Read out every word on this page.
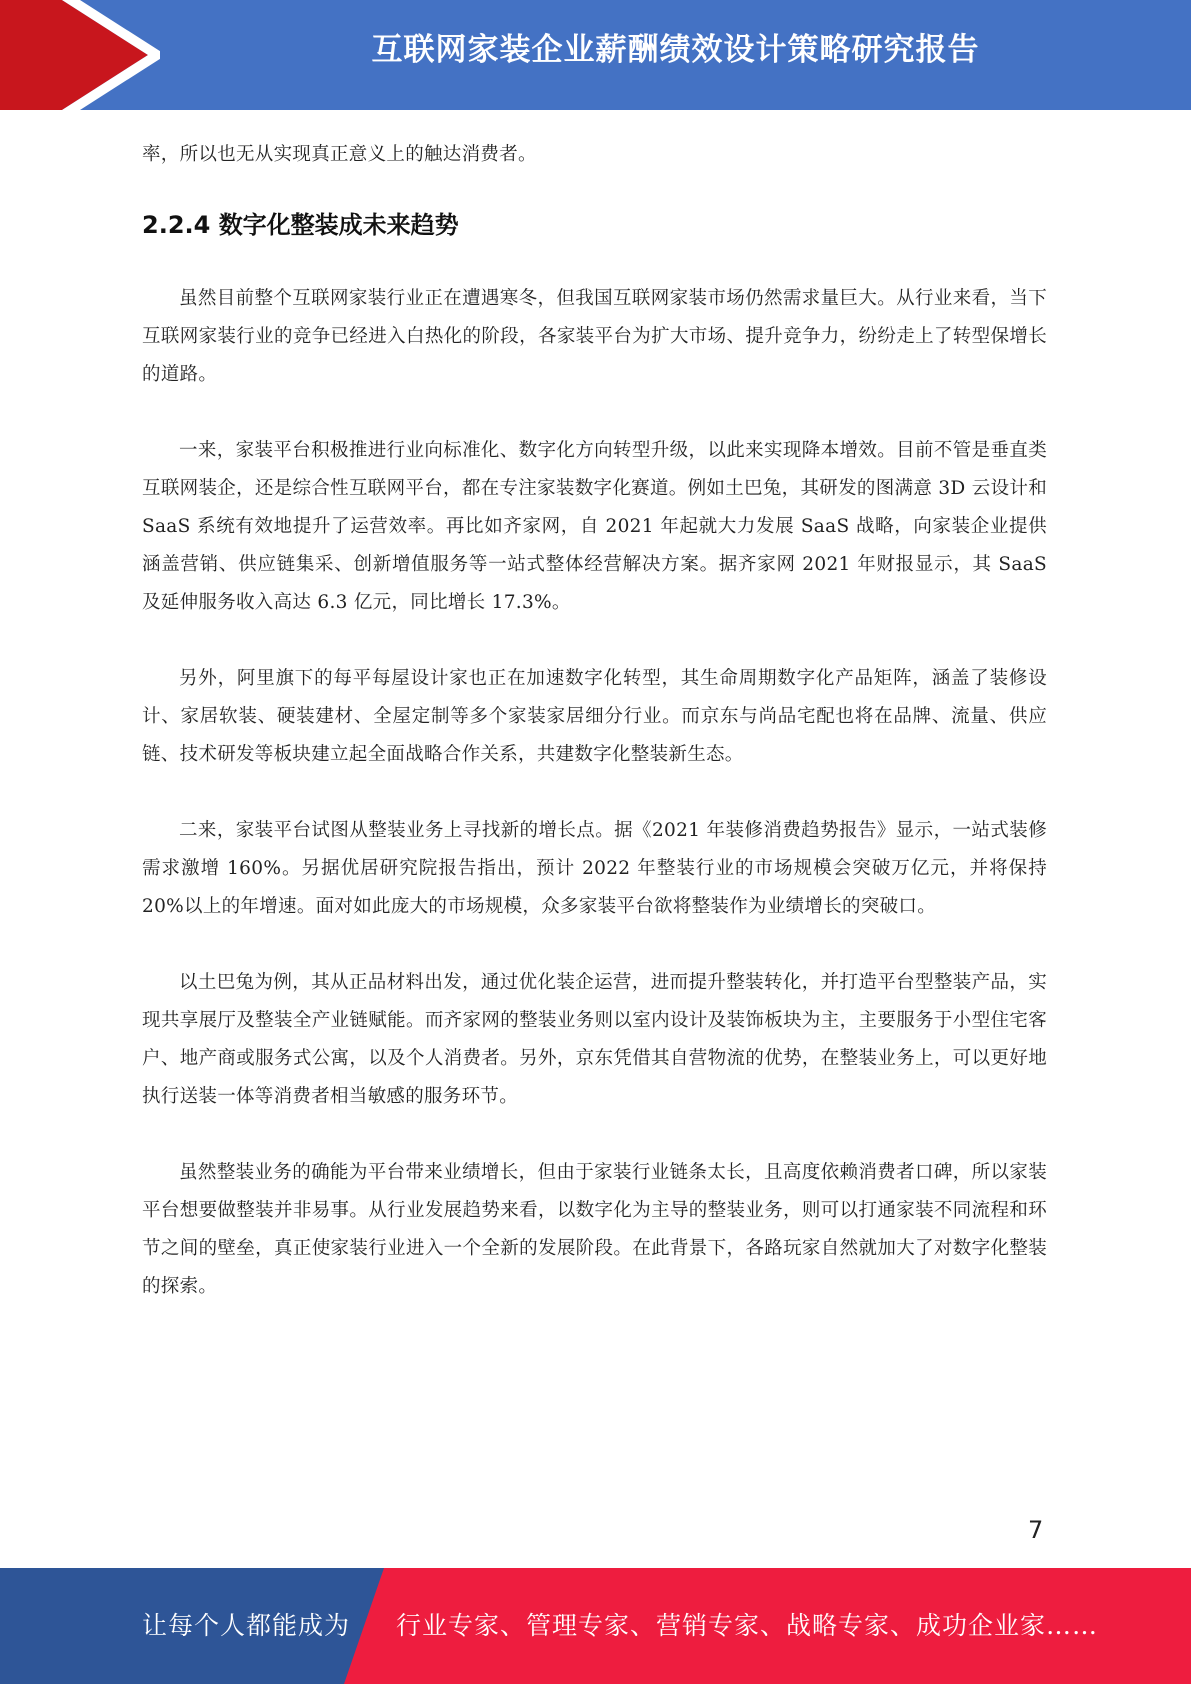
互联网家装企业薪酬绩效设计策略研究报告

率，所以也无从实现真正意义上的触达消费者。

2.2.4 数字化整装成未来趋势

虽然目前整个互联网家装行业正在遭遇寒冬，但我国互联网家装市场仍然需求量巨大。从行业来看，当下互联网家装行业的竞争已经进入白热化的阶段，各家装平台为扩大市场、提升竞争力，纷纷走上了转型保增长的道路。

一来，家装平台积极推进行业向标准化、数字化方向转型升级，以此来实现降本增效。目前不管是垂直类互联网装企，还是综合性互联网平台，都在专注家装数字化赛道。例如土巴兔，其研发的图满意 3D 云设计和 SaaS 系统有效地提升了运营效率。再比如齐家网，自 2021 年起就大力发展 SaaS 战略，向家装企业提供涵盖营销、供应链集采、创新增值服务等一站式整体经营解决方案。据齐家网 2021 年财报显示，其 SaaS 及延伸服务收入高达 6.3 亿元，同比增长 17.3%。

另外，阿里旗下的每平每屋设计家也正在加速数字化转型，其生命周期数字化产品矩阵，涵盖了装修设计、家居软装、硬装建材、全屋定制等多个家装家居细分行业。而京东与尚品宅配也将在品牌、流量、供应链、技术研发等板块建立起全面战略合作关系，共建数字化整装新生态。

二来，家装平台试图从整装业务上寻找新的增长点。据《2021 年装修消费趋势报告》显示，一站式装修需求激增 160%。另据优居研究院报告指出，预计 2022 年整装行业的市场规模会突破万亿元，并将保持 20%以上的年增速。面对如此庞大的市场规模，众多家装平台欲将整装作为业绩增长的突破口。

以土巴兔为例，其从正品材料出发，通过优化装企运营，进而提升整装转化，并打造平台型整装产品，实现共享展厅及整装全产业链赋能。而齐家网的整装业务则以室内设计及装饰板块为主，主要服务于小型住宅客户、地产商或服务式公寓，以及个人消费者。另外，京东凭借其自营物流的优势，在整装业务上，可以更好地执行送装一体等消费者相当敏感的服务环节。

虽然整装业务的确能为平台带来业绩增长，但由于家装行业链条太长，且高度依赖消费者口碑，所以家装平台想要做整装并非易事。从行业发展趋势来看，以数字化为主导的整装业务，则可以打通家装不同流程和环节之间的壁垒，真正使家装行业进入一个全新的发展阶段。在此背景下，各路玩家自然就加大了对数字化整装的探索。

7
让每个人都能成为 行业专家、管理专家、营销专家、战略专家、成功企业家……
